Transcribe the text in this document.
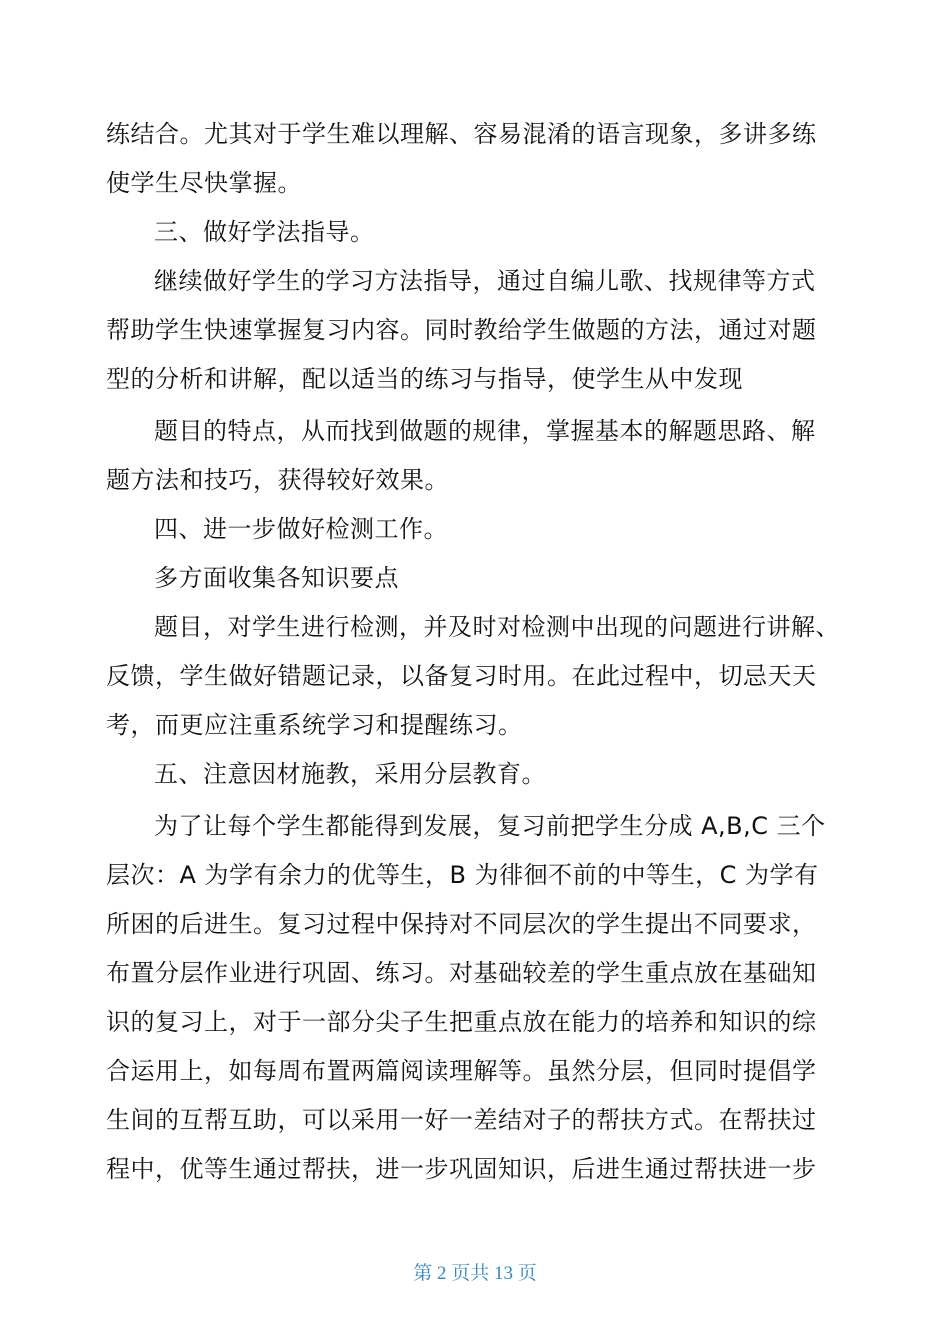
练结合。尤其对于学生难以理解、容易混淆的语言现象，多讲多练
使学生尽快掌握。
三、做好学法指导。
继续做好学生的学习方法指导，通过自编儿歌、找规律等方式
帮助学生快速掌握复习内容。同时教给学生做题的方法，通过对题
型的分析和讲解，配以适当的练习与指导，使学生从中发现
题目的特点，从而找到做题的规律，掌握基本的解题思路、解
题方法和技巧，获得较好效果。
四、进一步做好检测工作。
多方面收集各知识要点
题目，对学生进行检测，并及时对检测中出现的问题进行讲解、
反馈，学生做好错题记录，以备复习时用。在此过程中，切忌天天
考，而更应注重系统学习和提醒练习。
五、注意因材施教，采用分层教育。
为了让每个学生都能得到发展，复习前把学生分成 A,B,C 三个
层次：A 为学有余力的优等生，B 为徘徊不前的中等生，C 为学有
所困的后进生。复习过程中保持对不同层次的学生提出不同要求，
布置分层作业进行巩固、练习。对基础较差的学生重点放在基础知
识的复习上，对于一部分尖子生把重点放在能力的培养和知识的综
合运用上，如每周布置两篇阅读理解等。虽然分层，但同时提倡学
生间的互帮互助，可以采用一好一差结对子的帮扶方式。在帮扶过
程中，优等生通过帮扶，进一步巩固知识，后进生通过帮扶进一步
第 2 页共 13 页
